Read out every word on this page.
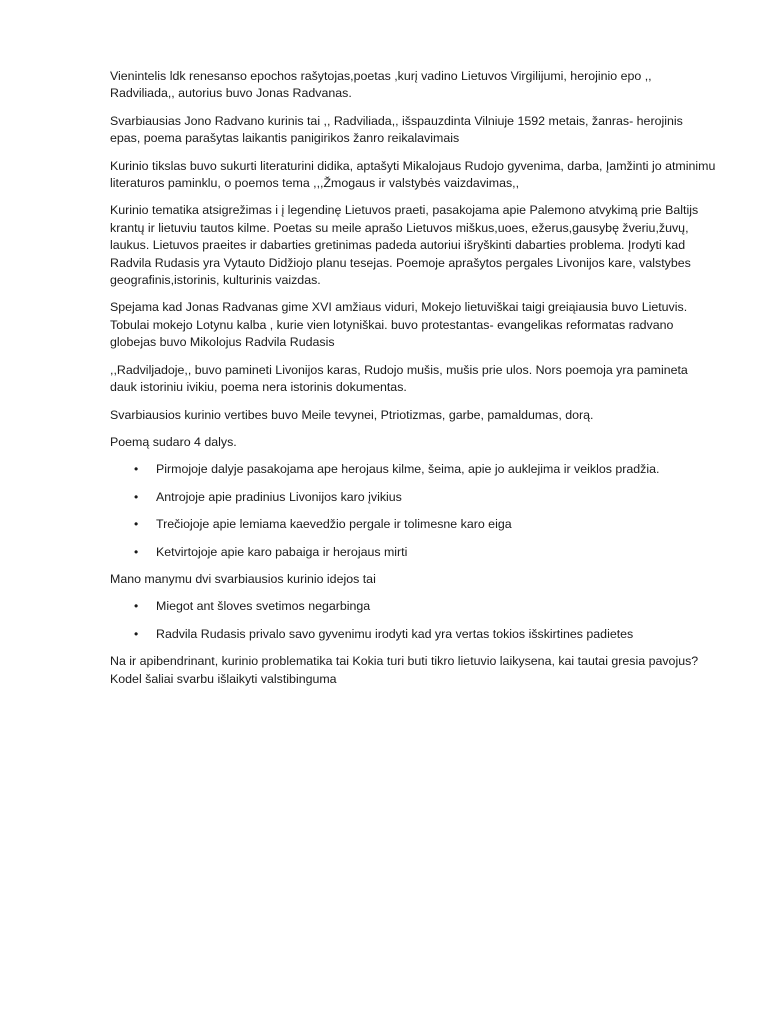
Vienintelis ldk renesanso epochos rašytojas,poetas ,kurį vadino Lietuvos Virgilijumi, herojinio epo ,, Radviliada,, autorius buvo Jonas Radvanas.

Svarbiausias Jono Radvano kurinis tai ,, Radviliada,, išspauzdinta Vilniuje 1592 metais, žanras- herojinis epas, poema parašytas laikantis panigirikos žanro reikalavimais

Kurinio tikslas buvo sukurti literaturini didika, aptašyti Mikalojaus Rudojo gyvenima, darba, Įamžinti jo atminimu literaturos paminklu, o poemos tema ,,,Žmogaus ir valstybės vaizdavimas,,

Kurinio tematika atsigrežimas i į legendinę Lietuvos praeti, pasakojama apie Palemono atvykimą prie Baltijs krantų ir lietuviu tautos kilme. Poetas su meile aprašo Lietuvos miškus,uoes, ežerus,gausybę žveriu,žuvų, laukus. Lietuvos praeites ir dabarties gretinimas padeda autoriui išryškinti dabarties problema. Įrodyti kad Radvila Rudasis yra Vytauto Didžiojo planu tesejas. Poemoje aprašytos pergales Livonijos kare, valstybes geografinis,istorinis, kulturinis vaizdas.

Spejama kad Jonas Radvanas gime XVI amžiaus viduri, Mokejo lietuviškai taigi greiąiausia buvo Lietuvis. Tobulai mokejo Lotynu kalba , kurie vien lotyniškai. buvo protestantas- evangelikas reformatas radvano globejas buvo Mikolojus Radvila Rudasis

,,Radviljadoje,, buvo pamineti Livonijos karas, Rudojo mušis, mušis prie ulos. Nors poemoja yra pamineta dauk istoriniu ivikiu, poema nera istorinis dokumentas.

Svarbiausios kurinio vertibes buvo Meile tevynei, Ptriotizmas, garbe, pamaldumas, dorą.

Poemą sudaro 4 dalys.

• Pirmojoje dalyje pasakojama ape herojaus kilme, šeima, apie jo auklejima ir veiklos pradžia.
• Antrojoje apie pradinius Livonijos karo įvikius
• Trečiojoje apie lemiama kaevedžio pergale ir tolimesne karo eiga
• Ketvirtojoje apie karo pabaiga ir herojaus mirti

Mano manymu dvi svarbiausios kurinio idejos tai

• Miegot ant šloves svetimos negarbinga
• Radvila Rudasis privalo savo gyvenimu irodyti kad yra vertas tokios išskirtines padietes

Na ir apibendrinant, kurinio problematika tai Kokia turi buti tikro lietuvio laikysena, kai tautai gresia pavojus? Kodel šaliai svarbu išlaikyti valstibinguma
